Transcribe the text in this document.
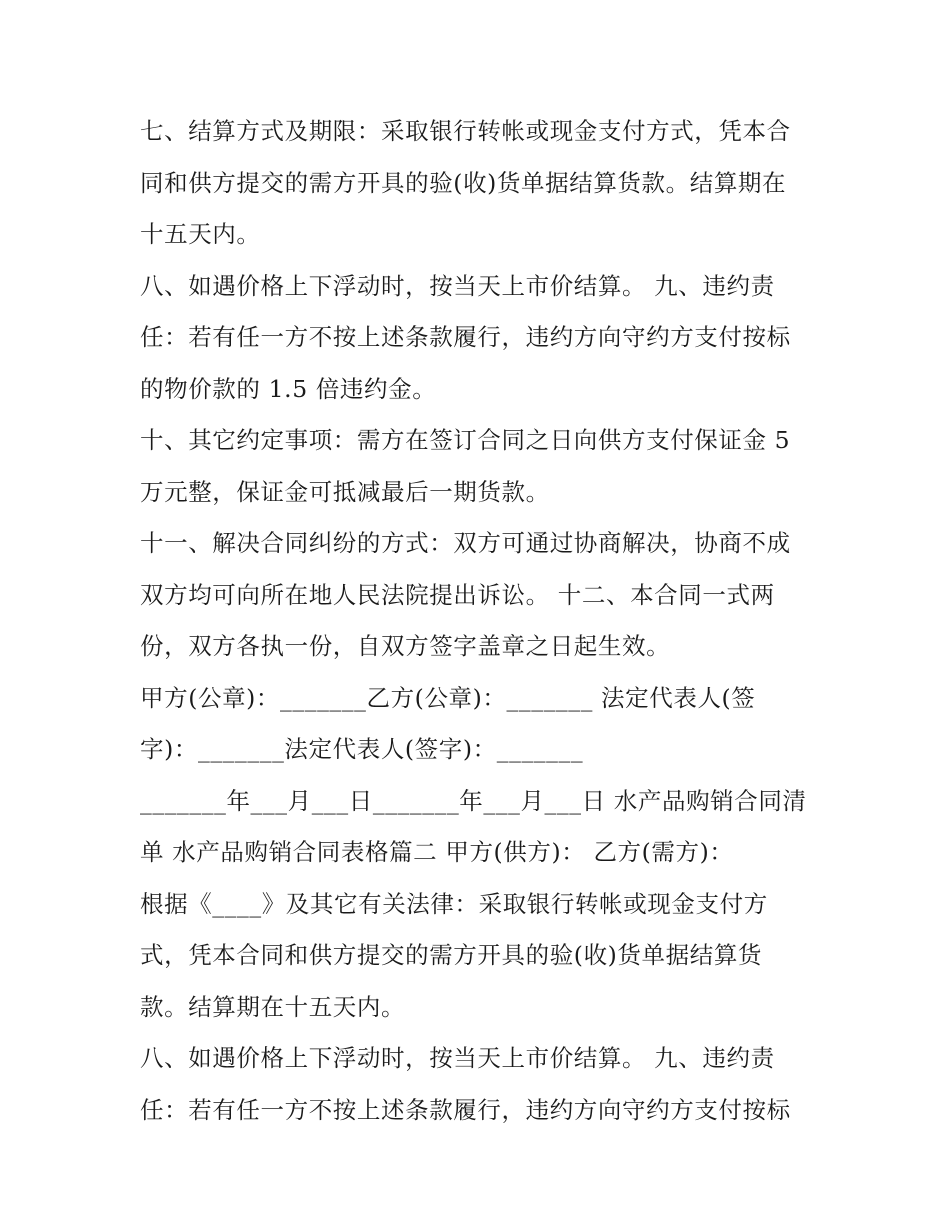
七、结算方式及期限：采取银行转帐或现金支付方式，凭本合
同和供方提交的需方开具的验(收)货单据结算货款。结算期在
十五天内。
八、如遇价格上下浮动时，按当天上市价结算。 九、违约责
任：若有任一方不按上述条款履行，违约方向守约方支付按标
的物价款的 1.5 倍违约金。
十、其它约定事项：需方在签订合同之日向供方支付保证金 5
万元整，保证金可抵减最后一期货款。
十一、解决合同纠纷的方式：双方可通过协商解决，协商不成
双方均可向所在地人民法院提出诉讼。 十二、本合同一式两
份，双方各执一份，自双方签字盖章之日起生效。
甲方(公章)：_______乙方(公章)：_______ 法定代表人(签
字)：_______法定代表人(签字)：_______
_______年___月___日_______年___月___日 水产品购销合同清
单 水产品购销合同表格篇二 甲方(供方)： 乙方(需方)：
根据《____》及其它有关法律：采取银行转帐或现金支付方
式，凭本合同和供方提交的需方开具的验(收)货单据结算货
款。结算期在十五天内。
八、如遇价格上下浮动时，按当天上市价结算。 九、违约责
任：若有任一方不按上述条款履行，违约方向守约方支付按标
